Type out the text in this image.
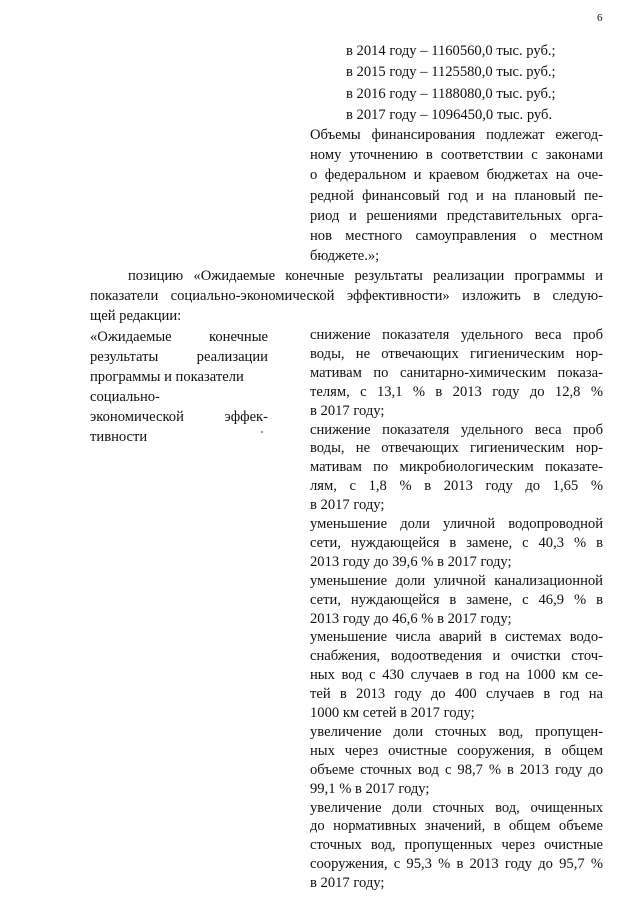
6
в 2014 году – 1160560,0 тыс. руб.;
в 2015 году – 1125580,0 тыс. руб.;
в 2016 году – 1188080,0 тыс. руб.;
в 2017 году – 1096450,0 тыс. руб.
Объемы финансирования подлежат ежегод-
ному уточнению в соответствии с законами
о федеральном и краевом бюджетах на оче-
редной финансовый год и на плановый пе-
риод и решениями представительных орга-
нов местного самоуправления о местном
бюджете.»;
позицию «Ожидаемые конечные результаты реализации программы и
показатели социально-экономической эффективности» изложить в следую-
щей редакции:
«Ожидаемые конечные
результаты реализации
программы и показатели
социально-
экономической эффек-
тивности
снижение показателя удельного веса проб
воды, не отвечающих гигиеническим нор-
мативам по санитарно-химическим показа-
телям, с 13,1 % в 2013 году до 12,8 %
в 2017 году;
снижение показателя удельного веса проб
воды, не отвечающих гигиеническим нор-
мативам по микробиологическим показате-
лям, с 1,8 % в 2013 году до 1,65 %
в 2017 году;
уменьшение доли уличной водопроводной
сети, нуждающейся в замене, с 40,3 % в
2013 году до 39,6 % в 2017 году;
уменьшение доли уличной канализационной
сети, нуждающейся в замене, с 46,9 % в
2013 году до 46,6 % в 2017 году;
уменьшение числа аварий в системах водо-
снабжения, водоотведения и очистки сточ-
ных вод с 430 случаев в год на 1000 км се-
тей в 2013 году до 400 случаев в год на
1000 км сетей в 2017 году;
увеличение доли сточных вод, пропущен-
ных через очистные сооружения, в общем
объеме сточных вод с 98,7 % в 2013 году до
99,1 % в 2017 году;
увеличение доли сточных вод, очищенных
до нормативных значений, в общем объеме
сточных вод, пропущенных через очистные
сооружения, с 95,3 % в 2013 году до 95,7 %
в 2017 году;
